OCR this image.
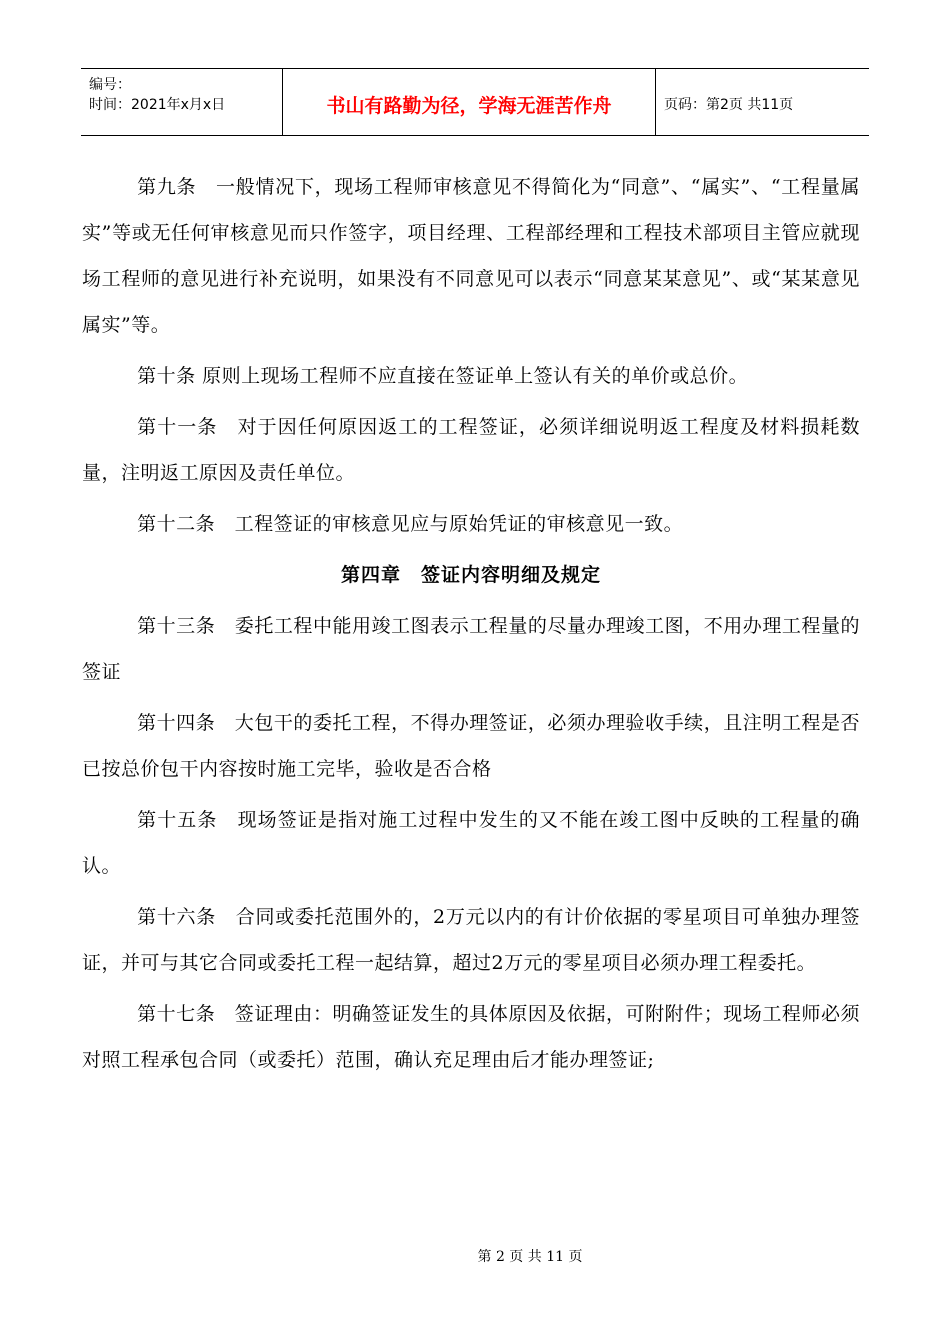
编号：
时间：2021年x月x日	书山有路勤为径，学海无涯苦作舟	页码：第2页 共11页

第九条　一般情况下，现场工程师审核意见不得简化为“同意”、“属实”、“工程量属实”等或无任何审核意见而只作签字，项目经理、工程部经理和工程技术部项目主管应就现场工程师的意见进行补充说明，如果没有不同意见可以表示“同意某某意见”、或“某某意见属实”等。

第十条 原则上现场工程师不应直接在签证单上签认有关的单价或总价。

第十一条　对于因任何原因返工的工程签证，必须详细说明返工程度及材料损耗数量，注明返工原因及责任单位。

第十二条　工程签证的审核意见应与原始凭证的审核意见一致。

第四章　签证内容明细及规定

第十三条　委托工程中能用竣工图表示工程量的尽量办理竣工图，不用办理工程量的签证

第十四条　大包干的委托工程，不得办理签证，必须办理验收手续，且注明工程是否已按总价包干内容按时施工完毕，验收是否合格

第十五条　现场签证是指对施工过程中发生的又不能在竣工图中反映的工程量的确认。

第十六条　合同或委托范围外的，2万元以内的有计价依据的零星项目可单独办理签证，并可与其它合同或委托工程一起结算，超过2万元的零星项目必须办理工程委托。

第十七条　签证理由：明确签证发生的具体原因及依据，可附附件；现场工程师必须对照工程承包合同（或委托）范围，确认充足理由后才能办理签证;

第 2 页 共 11 页
